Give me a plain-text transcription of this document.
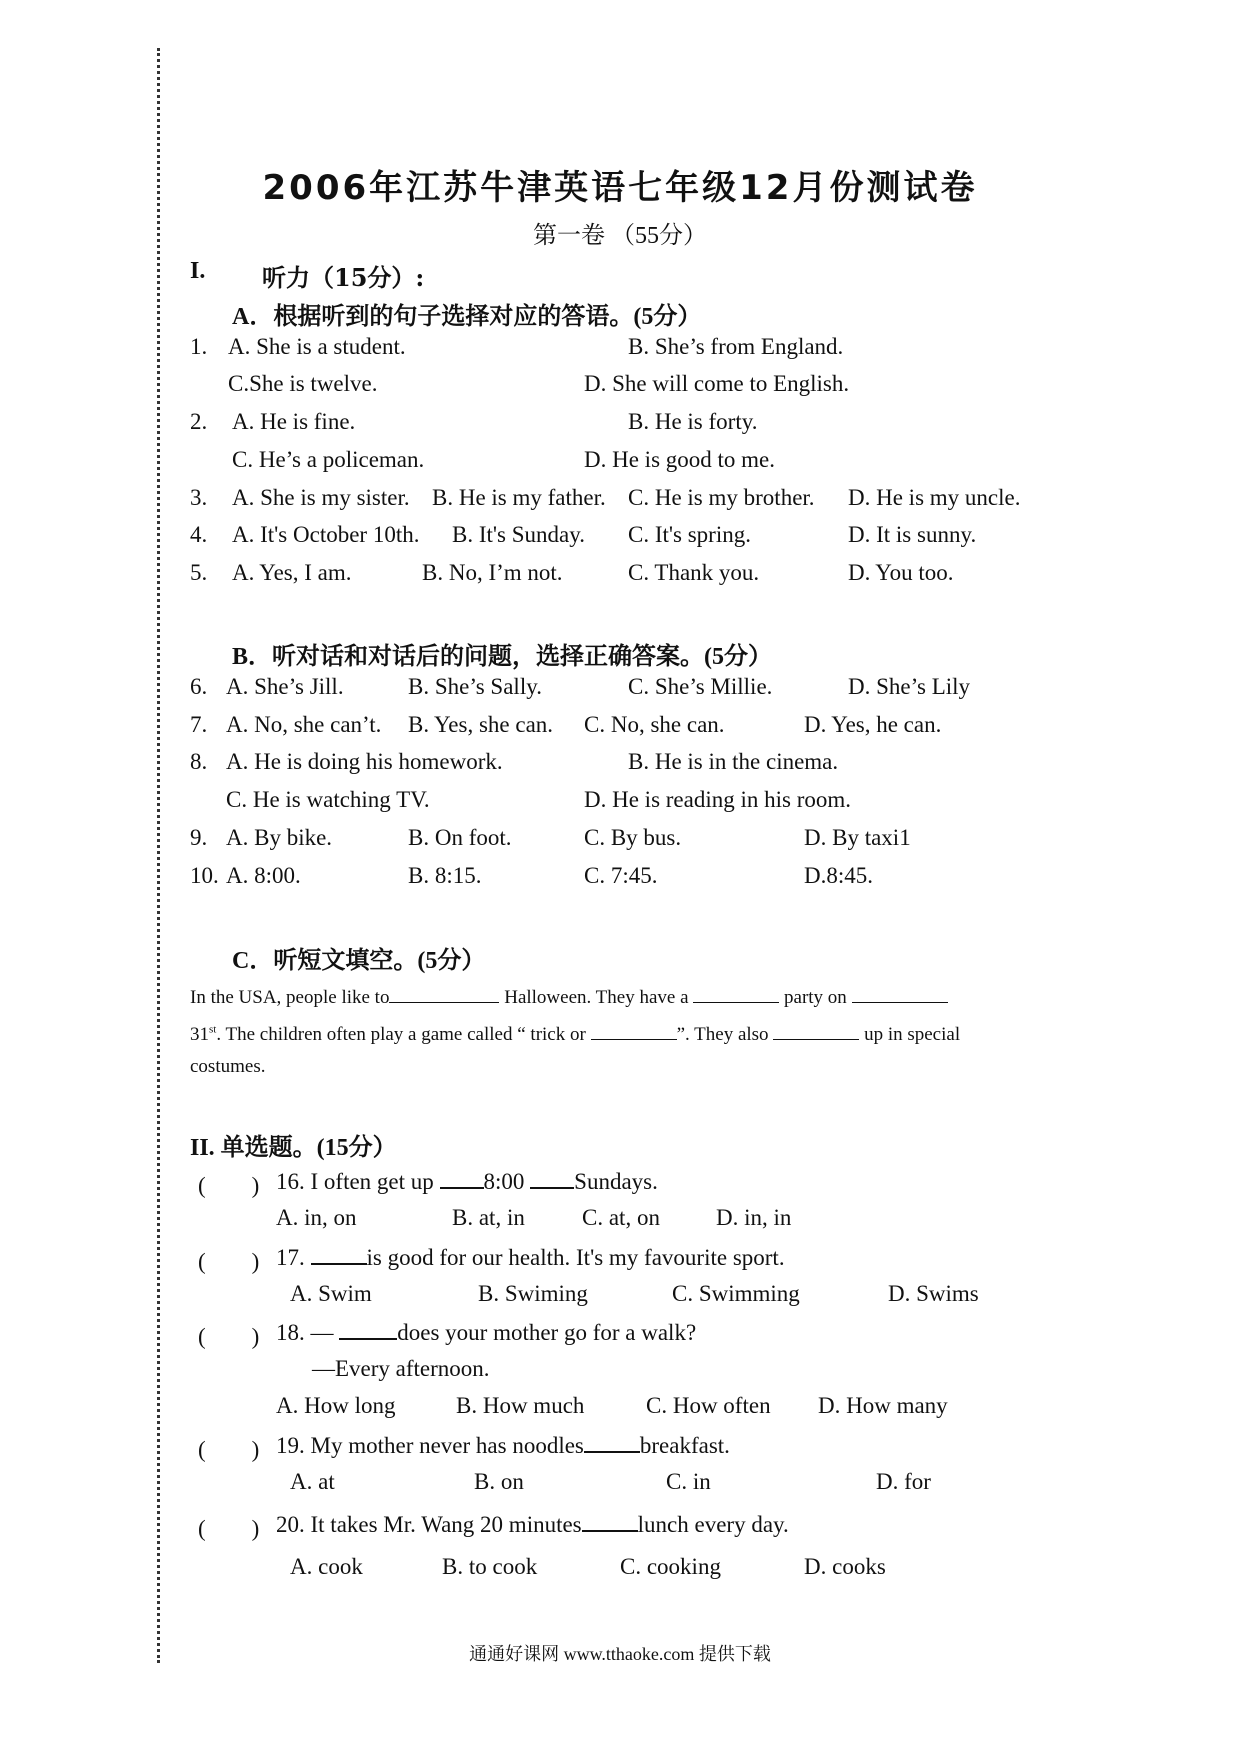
2006年江苏牛津英语七年级12月份测试卷
第一卷 （55分）
I. 听力（15分）:
A．根据听到的句子选择对应的答语。(5分）
1. A. She is a student.	B. She’s from England.
C.She is twelve.	D. She will come to English.
2. A. He is fine.	B. He is forty.
C. He’s a policeman.	D. He is good to me.
3. A. She is my sister. B. He is my father. C. He is my brother. D. He is my uncle.
4. A. It's October 10th. B. It's Sunday. C. It's spring.	D. It is sunny.
5. A. Yes, I am.	B. No, I’m not.	C. Thank you.	D. You too.
B．听对话和对话后的问题，选择正确答案。(5分）
6. A. She’s Jill.	B. She’s Sally.	C. She’s Millie.	D. She’s Lily
7. A. No, she can’t. B. Yes, she can. C. No, she can.	D. Yes, he can.
8. A. He is doing his homework.	B. He is in the cinema.
C. He is watching TV.	D. He is reading in his room.
9. A. By bike.	B. On foot.	C. By bus.	D. By taxi1
10. A. 8:00.	B. 8:15.	C. 7:45.	D.8:45.
C．听短文填空。(5分）
In the USA, people like to	Halloween. They have a	party on
31st. The children often play a game called “ trick or	”. They also	up in special
costumes.
II. 单选题。(15分）
(　　) 16. I often get up 8:00 Sundays.
A. in, on	B. at, in C. at, on D. in, in
(　　) 17.	is good for our health. It's my favourite sport.
A. Swim	B. Swiming	C. Swimming	D. Swims
(　　) 18. —	does your mother go for a walk?
—Every afternoon.
A. How long	B. How much	C. How often D. How many
(　　) 19. My mother never has noodles breakfast.
A. at	B. on	C. in	D. for
(　　) 20. It takes Mr. Wang 20 minutes lunch every day.
A. cook	B. to cook	C. cooking	D. cooks
通通好课网 www.tthaoke.com 提供下载
